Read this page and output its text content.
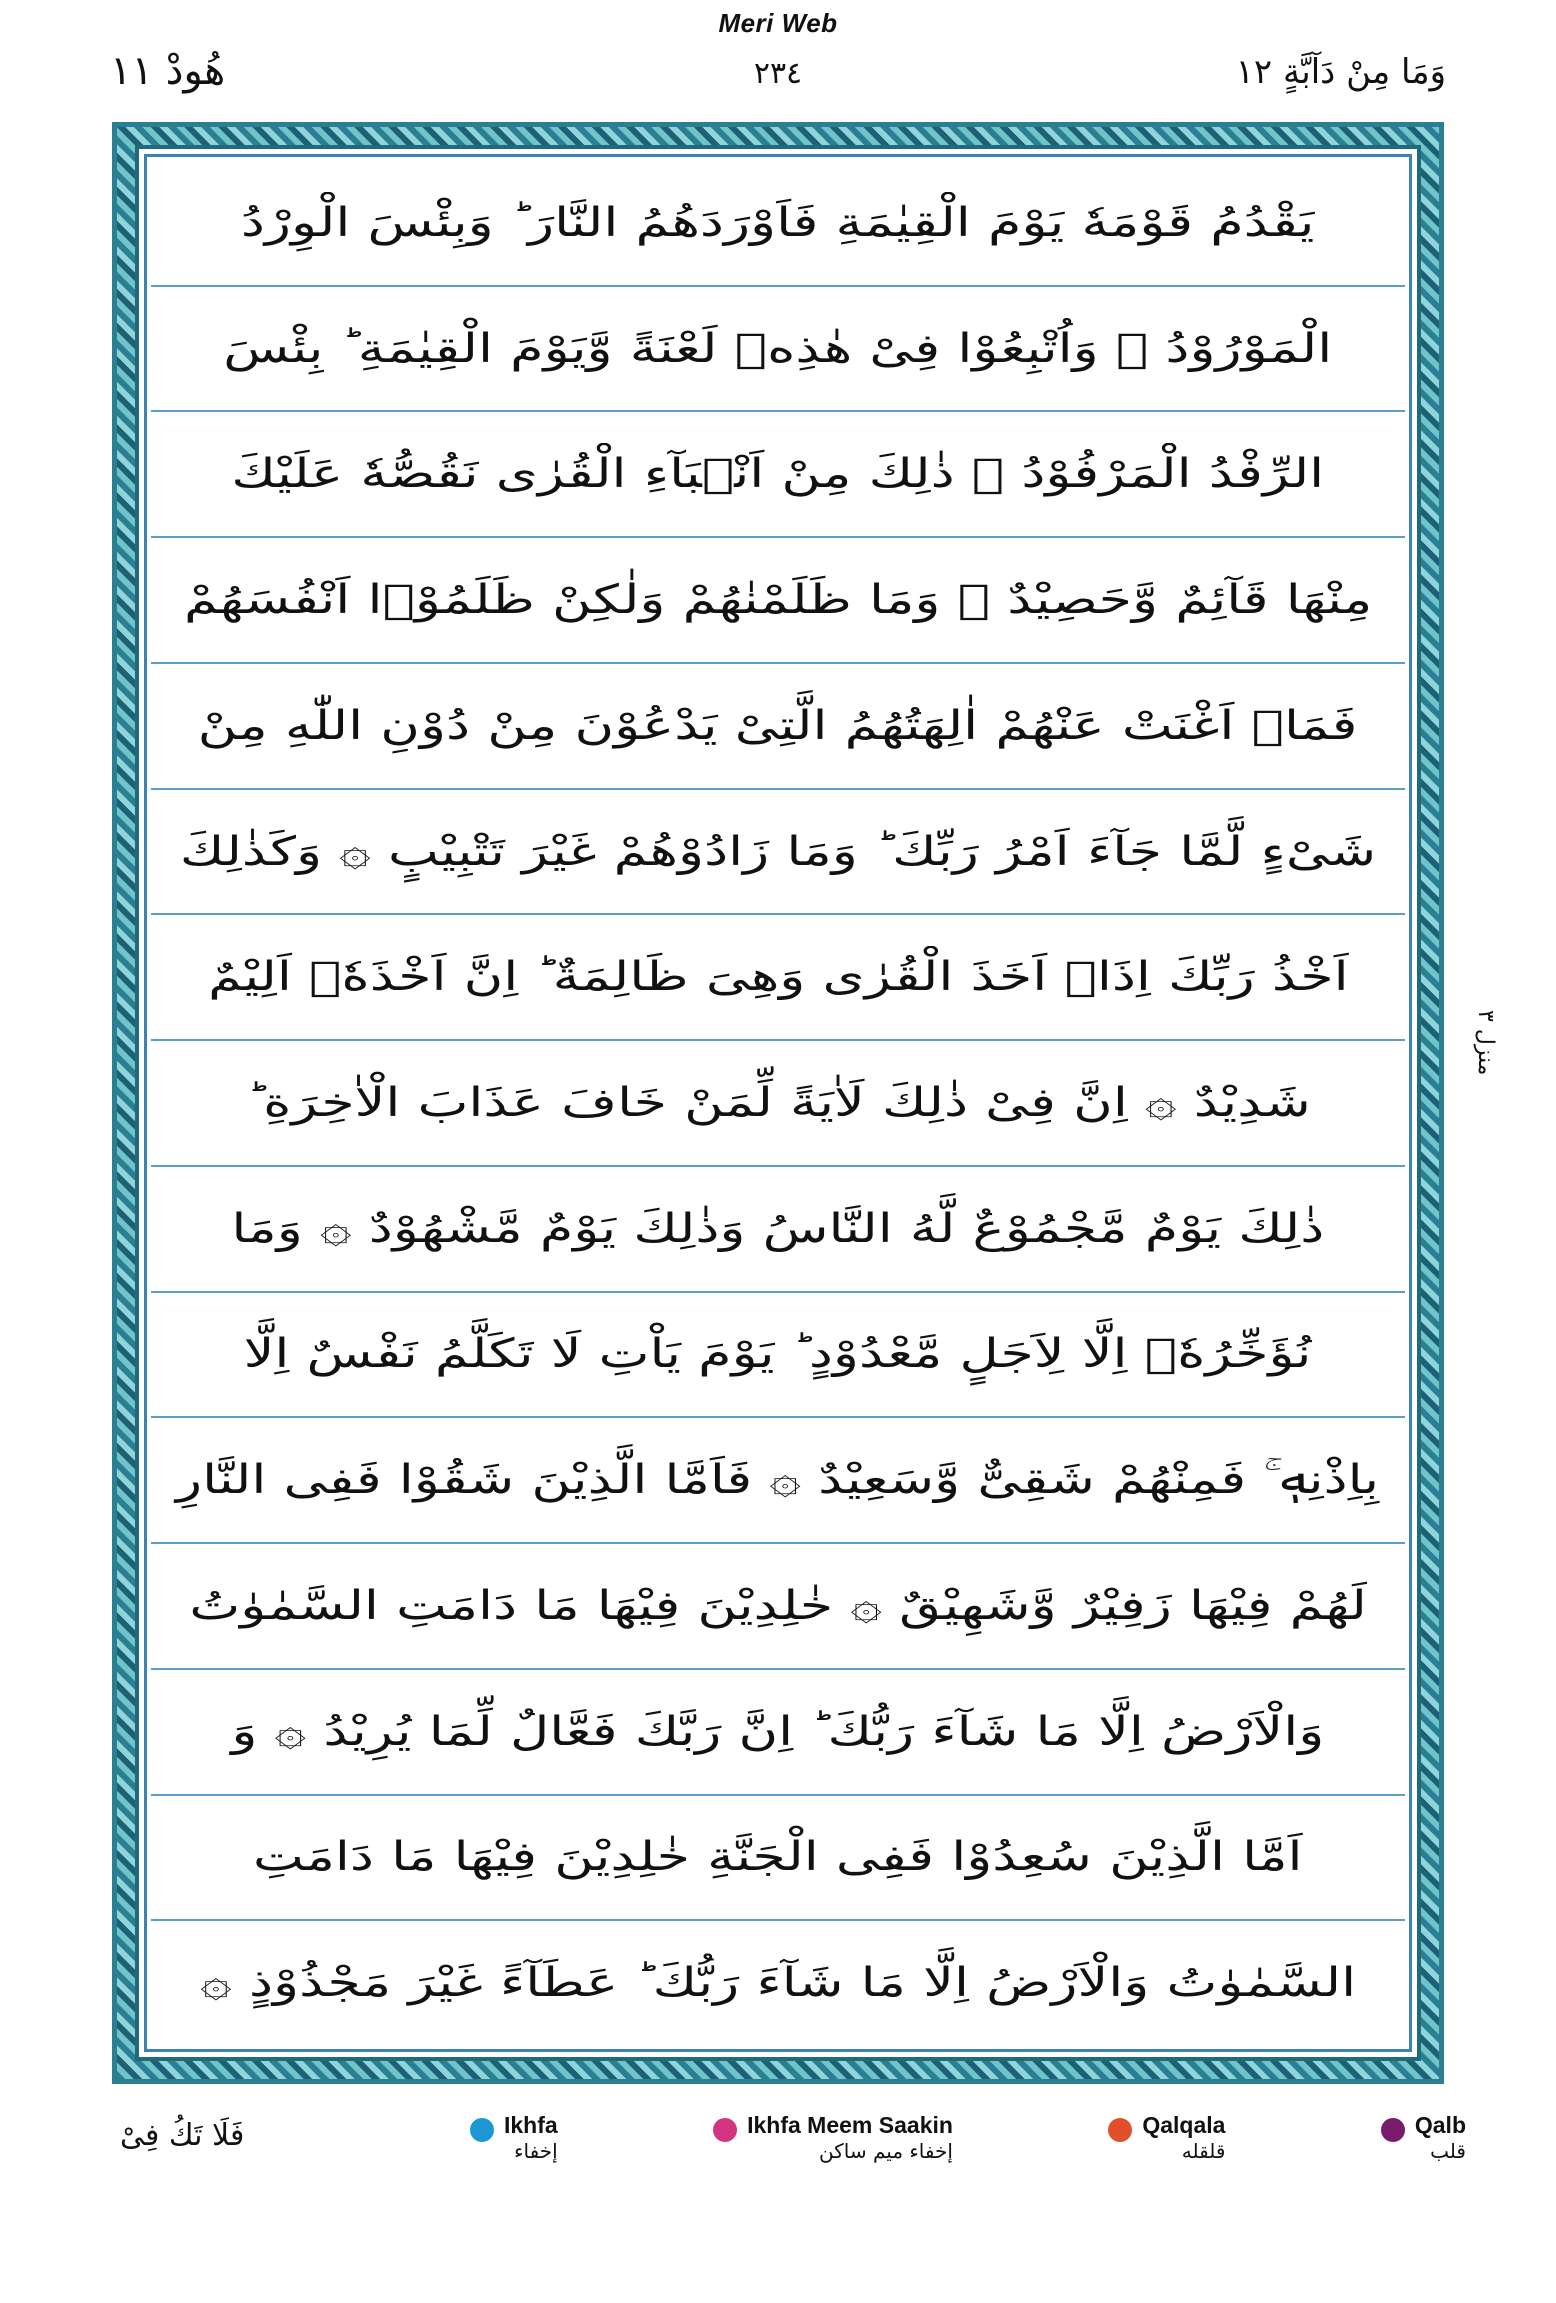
Meri Web
هُودْ ١١	٢٣٤	وَمَا مِنْ دَآبَّةٍ ١٢
يَقْدُمُ قَوْمَهٗ يَوْمَ الْقِيٰمَةِ فَاَوْرَدَهُمُ النَّارَ ؕ وَبِئْسَ الْوِرْدُ
الْمَوْرُوْدُ ۞ وَاُتْبِعُوْا فِىْ هٰذِهٖ لَعْنَةً وَّيَوْمَ الْقِيٰمَةِ ؕ بِئْسَ
الرِّفْدُ الْمَرْفُوْدُ ۞ ذٰلِكَ مِنْ اَنْۢبَآءِ الْقُرٰى نَقُصُّهٗ عَلَيْكَ
مِنْهَا قَآئِمٌ وَّحَصِيْدٌ ۞ وَمَا ظَلَمْنٰهُمْ وَلٰكِنْ ظَلَمُوْۤا اَنْفُسَهُمْ
فَمَاۤ اَغْنَتْ عَنْهُمْ اٰلِهَتُهُمُ الَّتِىْ يَدْعُوْنَ مِنْ دُوْنِ اللّٰهِ مِنْ
شَىْءٍ لَّمَّا جَآءَ اَمْرُ رَبِّكَ ؕ وَمَا زَادُوْهُمْ غَيْرَ تَتْبِيْبٍ ۞ وَكَذٰلِكَ
اَخْذُ رَبِّكَ اِذَاۤ اَخَذَ الْقُرٰى وَهِىَ ظَالِمَةٌ ؕ اِنَّ اَخْذَهٗۤ اَلِيْمٌ
شَدِيْدٌ ۞ اِنَّ فِىْ ذٰلِكَ لَاٰيَةً لِّمَنْ خَافَ عَذَابَ الْاٰخِرَةِ ؕ
ذٰلِكَ يَوْمٌ مَّجْمُوْعٌ لَّهُ النَّاسُ وَذٰلِكَ يَوْمٌ مَّشْهُوْدٌ ۞ وَمَا
نُؤَخِّرُهٗۤ اِلَّا لِاَجَلٍ مَّعْدُوْدٍ ؕ يَوْمَ يَاْتِ لَا تَكَلَّمُ نَفْسٌ اِلَّا
بِاِذْنِهٖ ۚ فَمِنْهُمْ شَقِىٌّ وَّسَعِيْدٌ ۞ فَاَمَّا الَّذِيْنَ شَقُوْا فَفِى النَّارِ
لَهُمْ فِيْهَا زَفِيْرٌ وَّشَهِيْقٌ ۞ خٰلِدِيْنَ فِيْهَا مَا دَامَتِ السَّمٰوٰتُ
وَالْاَرْضُ اِلَّا مَا شَآءَ رَبُّكَ ؕ اِنَّ رَبَّكَ فَعَّالٌ لِّمَا يُرِيْدُ ۞ وَ
اَمَّا الَّذِيْنَ سُعِدُوْا فَفِى الْجَنَّةِ خٰلِدِيْنَ فِيْهَا مَا دَامَتِ
السَّمٰوٰتُ وَالْاَرْضُ اِلَّا مَا شَآءَ رَبُّكَ ؕ عَطَآءً غَيْرَ مَجْذُوْذٍ ۞
منزل ٣
فَلَا تَكُ فِىْ	Ikhfa
إخفاء
Ikhfa Meem Saakin
إخفاء ميم ساكن
Qalqala
قلقله
Qalb
قلب
